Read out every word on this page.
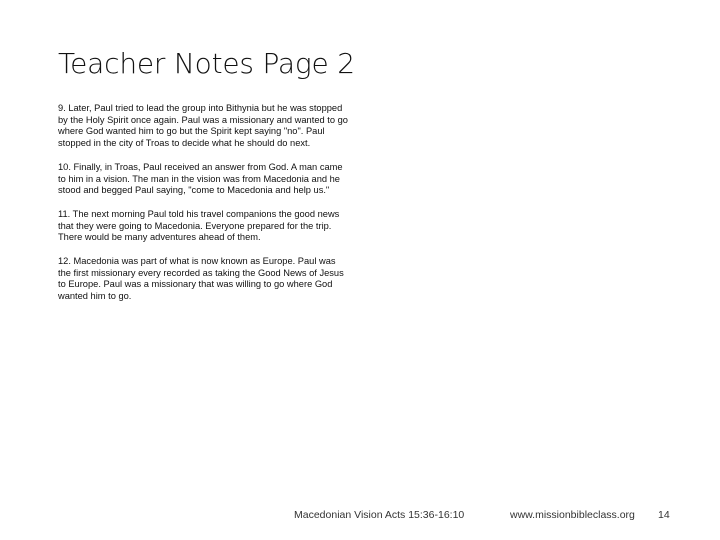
Teacher Notes Page 2

9. Later, Paul tried to lead the group into Bithynia but he was stopped by the Holy Spirit once again. Paul was a missionary and wanted to go where God wanted him to go but the Spirit kept saying "no". Paul stopped in the city of Troas to decide what he should do next.

10. Finally, in Troas, Paul received an answer from God. A man came to him in a vision. The man in the vision was from Macedonia and he stood and begged Paul saying, "come to Macedonia and help us."

11. The next morning Paul told his travel companions the good news that they were going to Macedonia. Everyone prepared for the trip. There would be many adventures ahead of them.

12. Macedonia was part of what is now known as Europe. Paul was the first missionary every recorded as taking the Good News of Jesus to Europe. Paul was a missionary that was willing to go where God wanted him to go.

Macedonian Vision Acts 15:36-16:10	www.missionbibleclass.org 14
